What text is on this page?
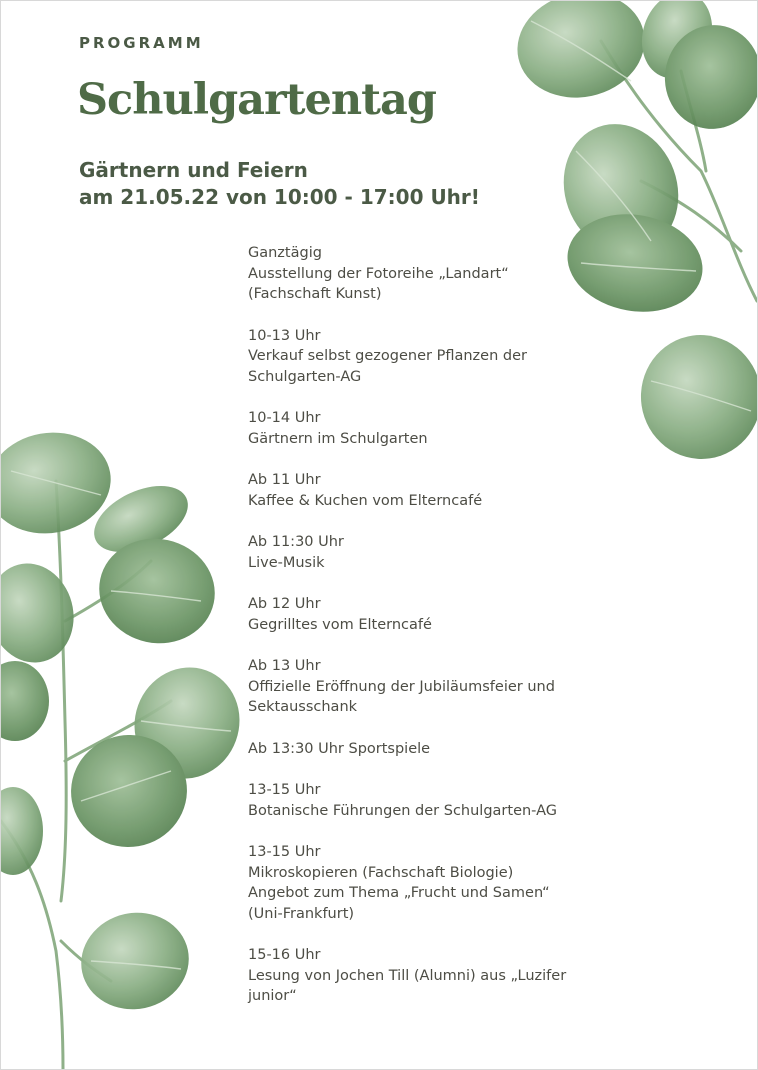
PROGRAMM

Schulgartentag
Gärtnern und Feiern
am 21.05.22 von 10:00 - 17:00 Uhr!
Ganztägig
Ausstellung der Fotoreihe „Landart“
(Fachschaft Kunst)
10-13 Uhr
Verkauf selbst gezogener Pflanzen der
Schulgarten-AG
10-14 Uhr
Gärtnern im Schulgarten
Ab 11 Uhr
Kaffee & Kuchen vom Elterncafé
Ab 11:30 Uhr
Live-Musik
Ab 12 Uhr
Gegrilltes vom Elterncafé
Ab 13 Uhr
Offizielle Eröffnung der Jubiläumsfeier und
Sektausschank
Ab 13:30 Uhr Sportspiele
13-15 Uhr
Botanische Führungen der Schulgarten-AG
13-15 Uhr
Mikroskopieren (Fachschaft Biologie)
Angebot zum Thema „Frucht und Samen“
(Uni-Frankfurt)
15-16 Uhr
Lesung von Jochen Till (Alumni) aus „Luzifer
junior“
